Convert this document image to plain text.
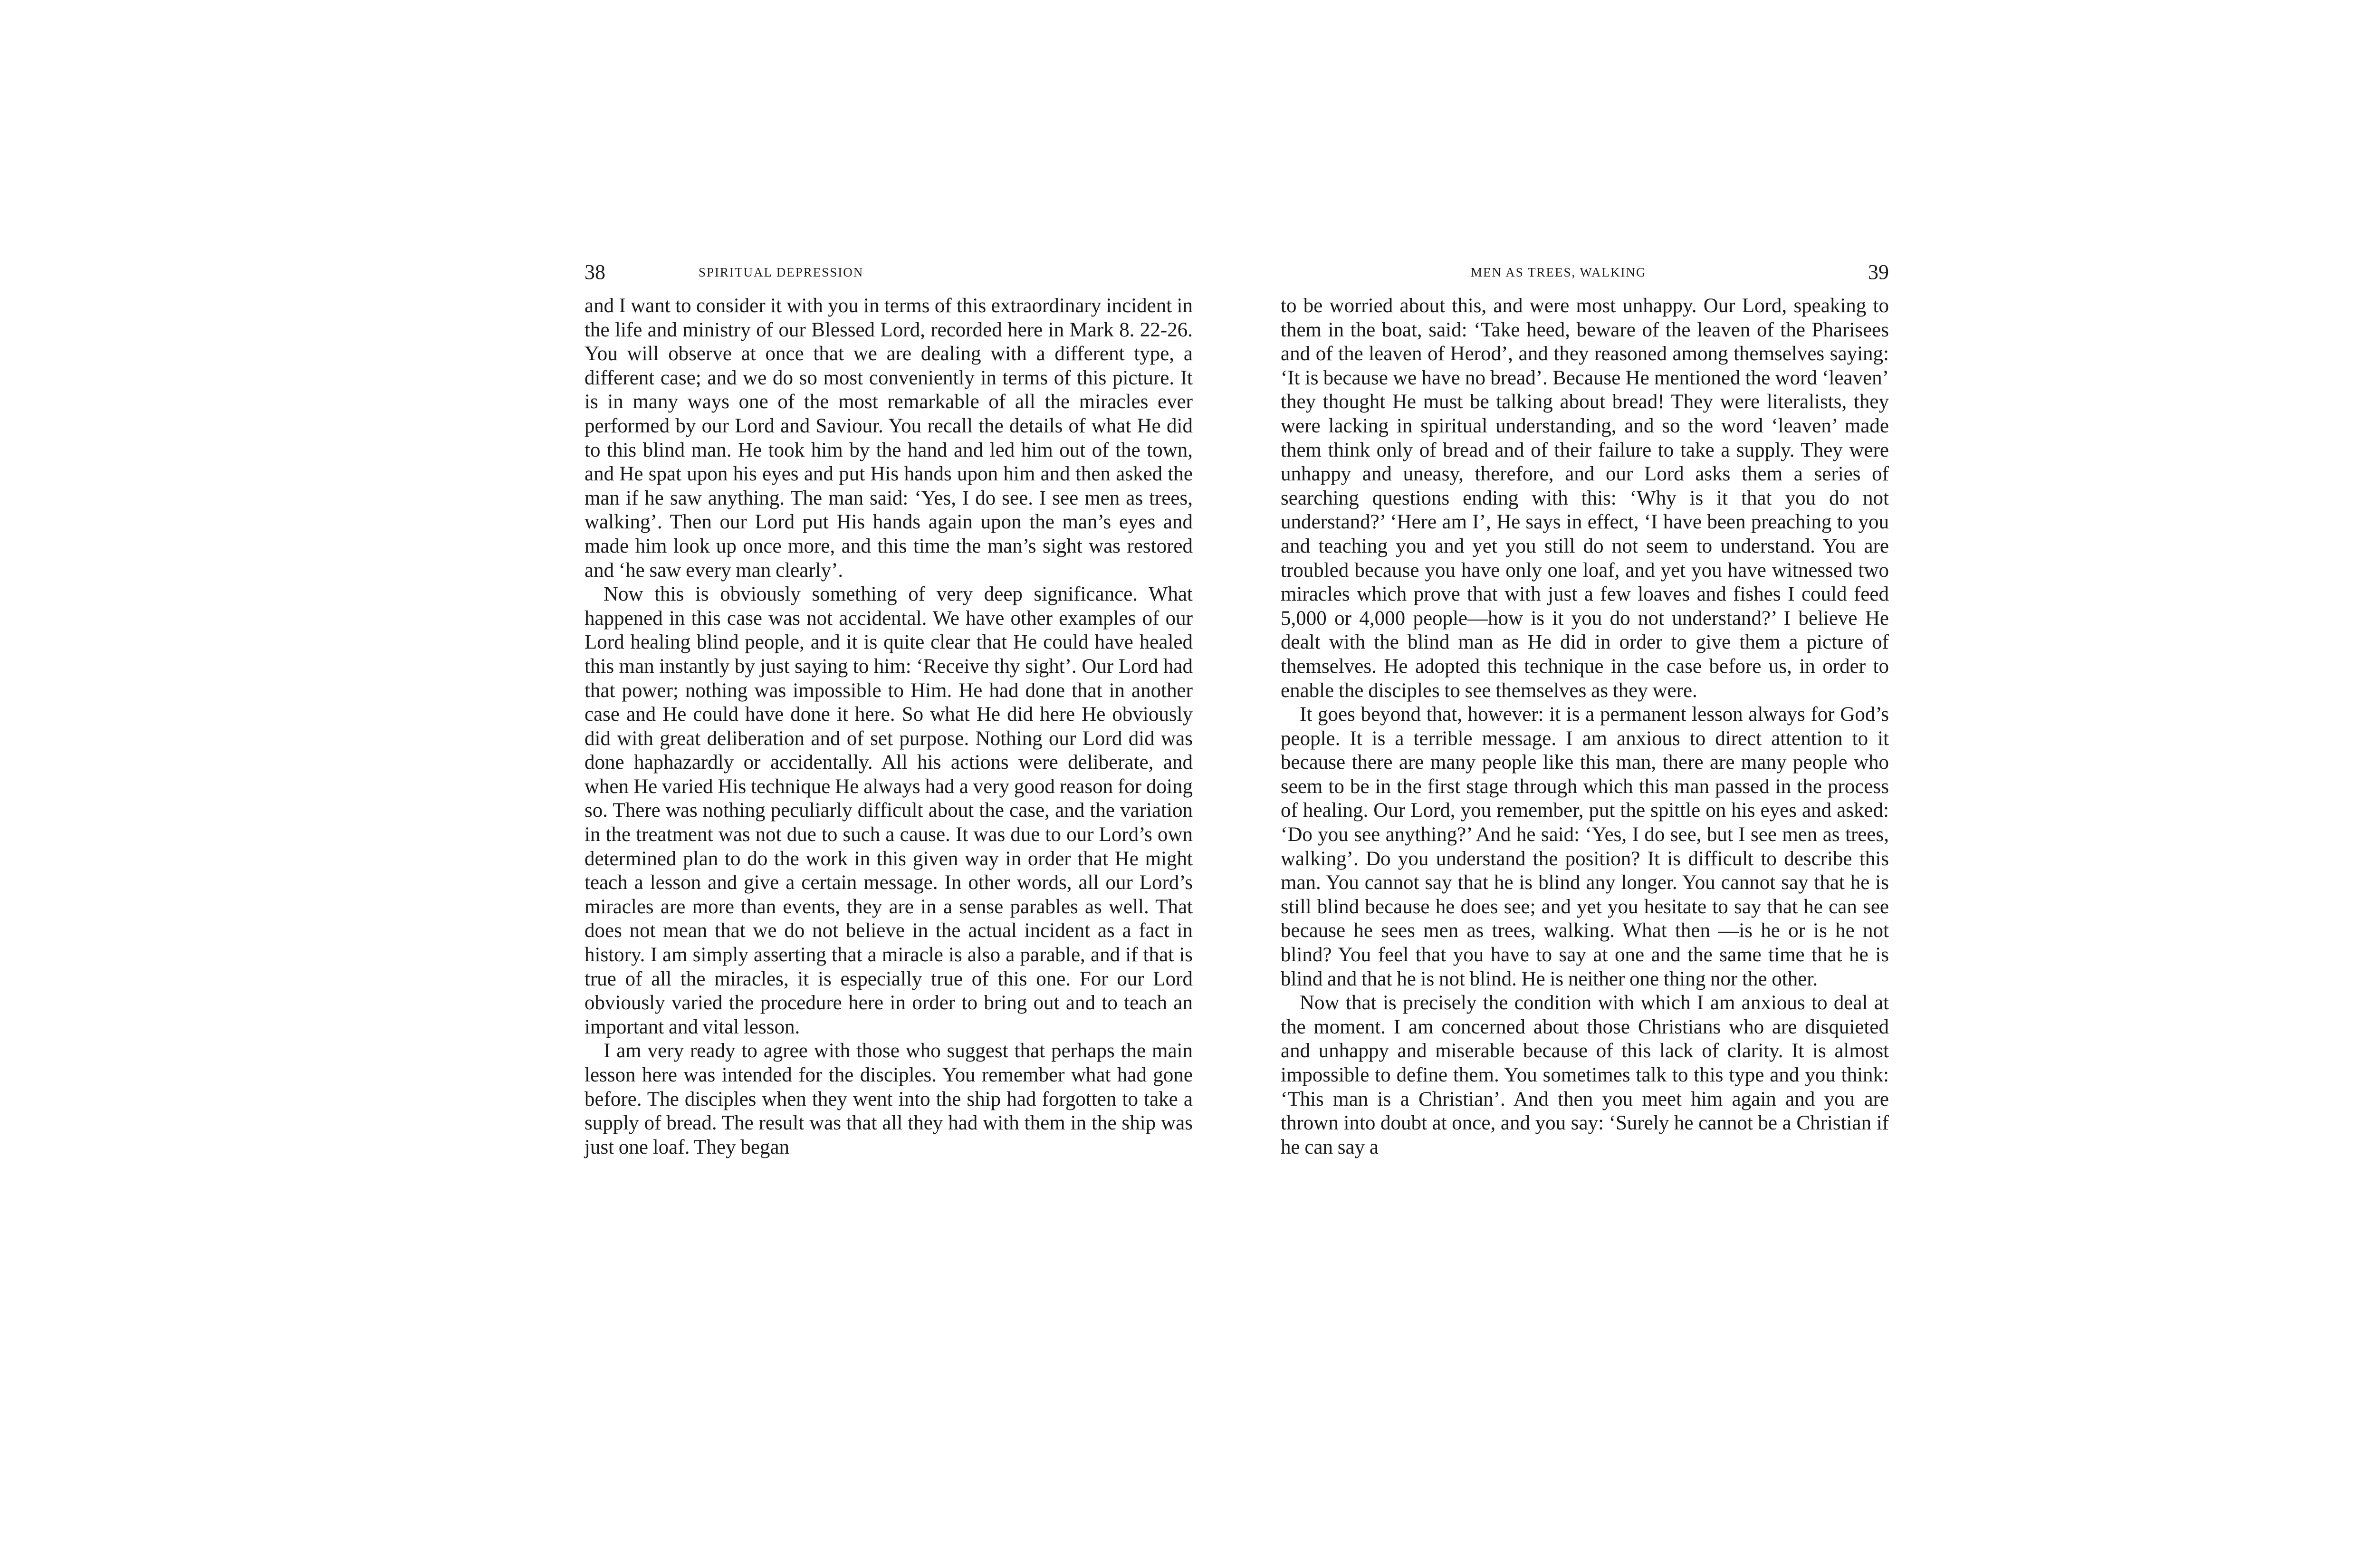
38	SPIRITUAL DEPRESSION

and I want to consider it with you in terms of this extraordinary incident in the life and ministry of our Blessed Lord, recorded here in Mark 8. 22-26. You will observe at once that we are dealing with a different type, a different case; and we do so most conveniently in terms of this picture. It is in many ways one of the most remarkable of all the miracles ever performed by our Lord and Saviour. You recall the details of what He did to this blind man. He took him by the hand and led him out of the town, and He spat upon his eyes and put His hands upon him and then asked the man if he saw anything. The man said: ‘Yes, I do see. I see men as trees, walking’. Then our Lord put His hands again upon the man’s eyes and made him look up once more, and this time the man’s sight was restored and ‘he saw every man clearly’.

Now this is obviously something of very deep significance. What happened in this case was not accidental. We have other examples of our Lord healing blind people, and it is quite clear that He could have healed this man instantly by just saying to him: ‘Receive thy sight’. Our Lord had that power; nothing was impossible to Him. He had done that in another case and He could have done it here. So what He did here He obviously did with great deliberation and of set purpose. Nothing our Lord did was done haphazardly or accidentally. All his actions were deliberate, and when He varied His technique He always had a very good reason for doing so. There was nothing peculiarly difficult about the case, and the variation in the treatment was not due to such a cause. It was due to our Lord’s own determined plan to do the work in this given way in order that He might teach a lesson and give a certain message. In other words, all our Lord’s miracles are more than events, they are in a sense parables as well. That does not mean that we do not believe in the actual incident as a fact in history. I am simply asserting that a miracle is also a parable, and if that is true of all the miracles, it is especially true of this one. For our Lord obviously varied the procedure here in order to bring out and to teach an important and vital lesson.

I am very ready to agree with those who suggest that perhaps the main lesson here was intended for the disciples. You remember what had gone before. The disciples when they went into the ship had forgotten to take a supply of bread. The result was that all they had with them in the ship was just one loaf. They began

MEN AS TREES, WALKING	39

to be worried about this, and were most unhappy. Our Lord, speaking to them in the boat, said: ‘Take heed, beware of the leaven of the Pharisees and of the leaven of Herod’, and they reasoned among themselves saying: ‘It is because we have no bread’. Because He mentioned the word ‘leaven’ they thought He must be talking about bread! They were literalists, they were lacking in spiritual understanding, and so the word ‘leaven’ made them think only of bread and of their failure to take a supply. They were unhappy and uneasy, therefore, and our Lord asks them a series of searching questions ending with this: ‘Why is it that you do not understand?’ ‘Here am I’, He says in effect, ‘I have been preaching to you and teaching you and yet you still do not seem to understand. You are troubled because you have only one loaf, and yet you have witnessed two miracles which prove that with just a few loaves and fishes I could feed 5,000 or 4,000 people—how is it you do not understand?’ I believe He dealt with the blind man as He did in order to give them a picture of themselves. He adopted this technique in the case before us, in order to enable the disciples to see themselves as they were.

It goes beyond that, however: it is a permanent lesson always for God’s people. It is a terrible message. I am anxious to direct attention to it because there are many people like this man, there are many people who seem to be in the first stage through which this man passed in the process of healing. Our Lord, you remember, put the spittle on his eyes and asked: ‘Do you see anything?’ And he said: ‘Yes, I do see, but I see men as trees, walking’. Do you understand the position? It is difficult to describe this man. You cannot say that he is blind any longer. You cannot say that he is still blind because he does see; and yet you hesitate to say that he can see because he sees men as trees, walking. What then —is he or is he not blind? You feel that you have to say at one and the same time that he is blind and that he is not blind. He is neither one thing nor the other.

Now that is precisely the condition with which I am anxious to deal at the moment. I am concerned about those Christians who are disquieted and unhappy and miserable because of this lack of clarity. It is almost impossible to define them. You sometimes talk to this type and you think: ‘This man is a Christian’. And then you meet him again and you are thrown into doubt at once, and you say: ‘Surely he cannot be a Christian if he can say a
